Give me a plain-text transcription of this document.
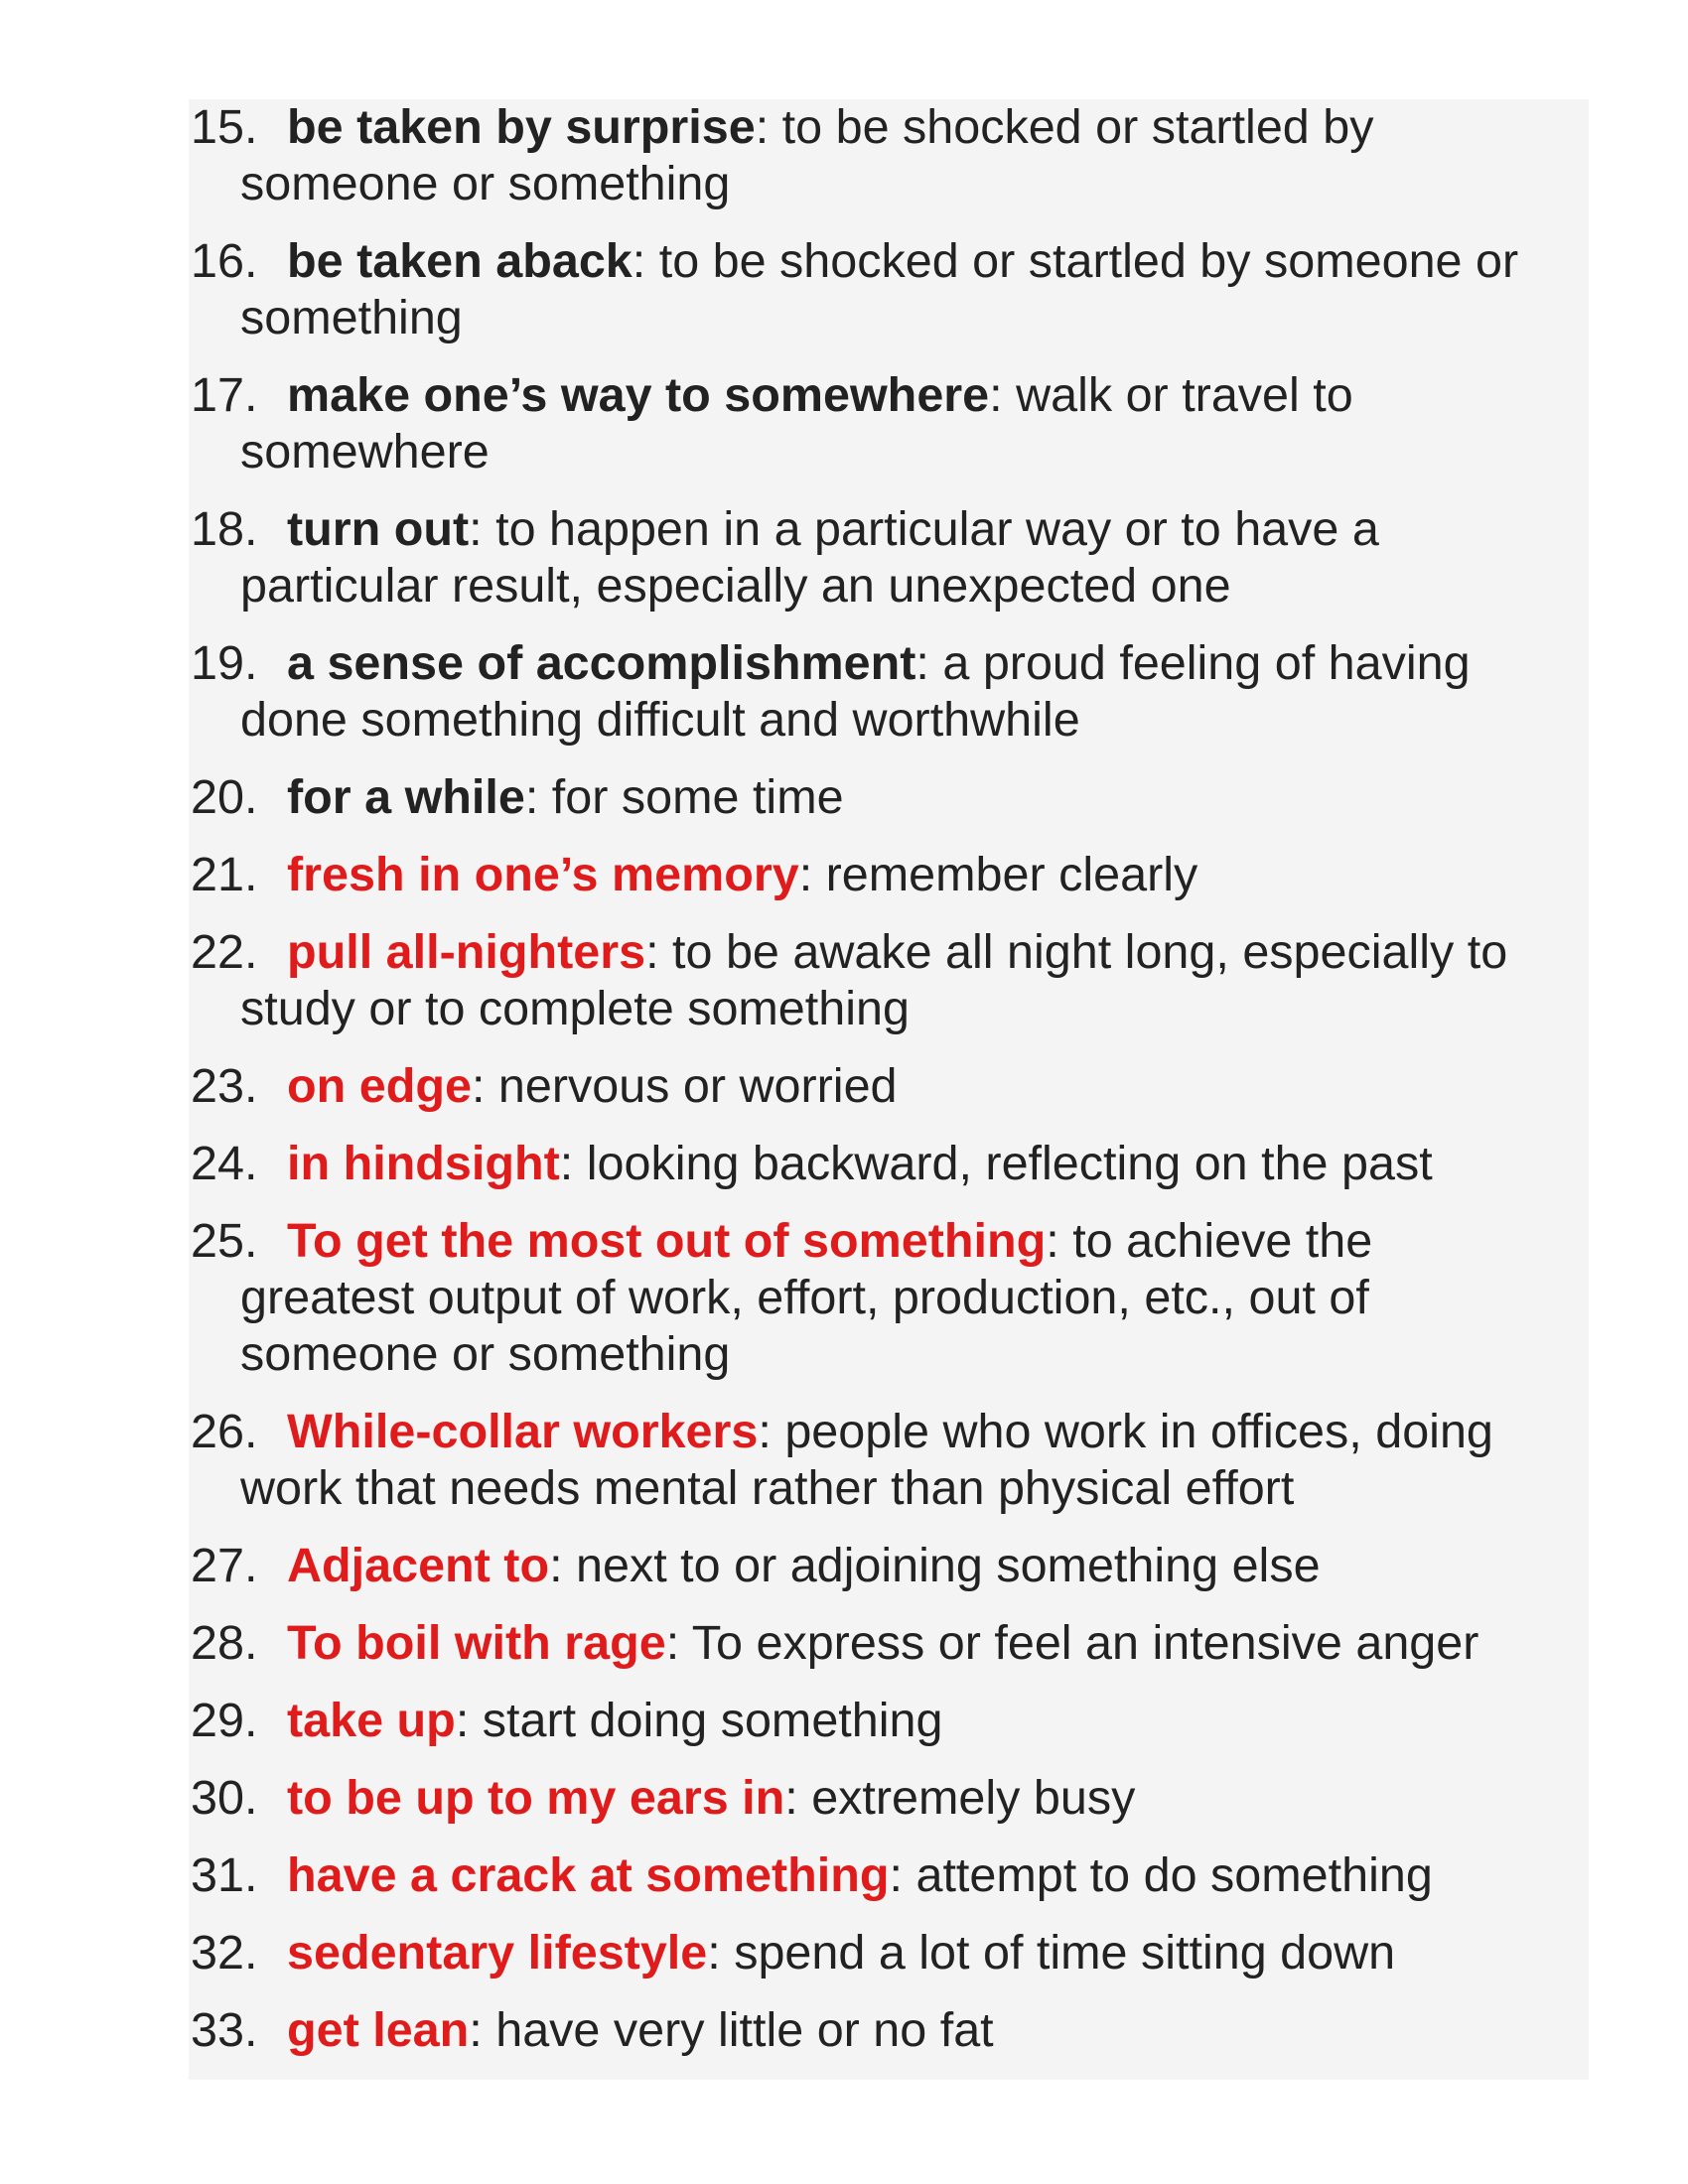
15. be taken by surprise: to be shocked or startled by
someone or something
16. be taken aback: to be shocked or startled by someone or
something
17. make one’s way to somewhere: walk or travel to
somewhere
18. turn out: to happen in a particular way or to have a
particular result, especially an unexpected one
19. a sense of accomplishment: a proud feeling of having
done something difficult and worthwhile
20. for a while: for some time
21. fresh in one’s memory: remember clearly
22. pull all-nighters: to be awake all night long, especially to
study or to complete something
23. on edge: nervous or worried
24. in hindsight: looking backward, reflecting on the past
25. To get the most out of something: to achieve the
greatest output of work, effort, production, etc., out of someone or something
26. While-collar workers: people who work in offices, doing
work that needs mental rather than physical effort
27. Adjacent to: next to or adjoining something else
28. To boil with rage: To express or feel an intensive anger
29. take up: start doing something
30. to be up to my ears in: extremely busy
31. have a crack at something: attempt to do something
32. sedentary lifestyle: spend a lot of time sitting down
33. get lean: have very little or no fat
